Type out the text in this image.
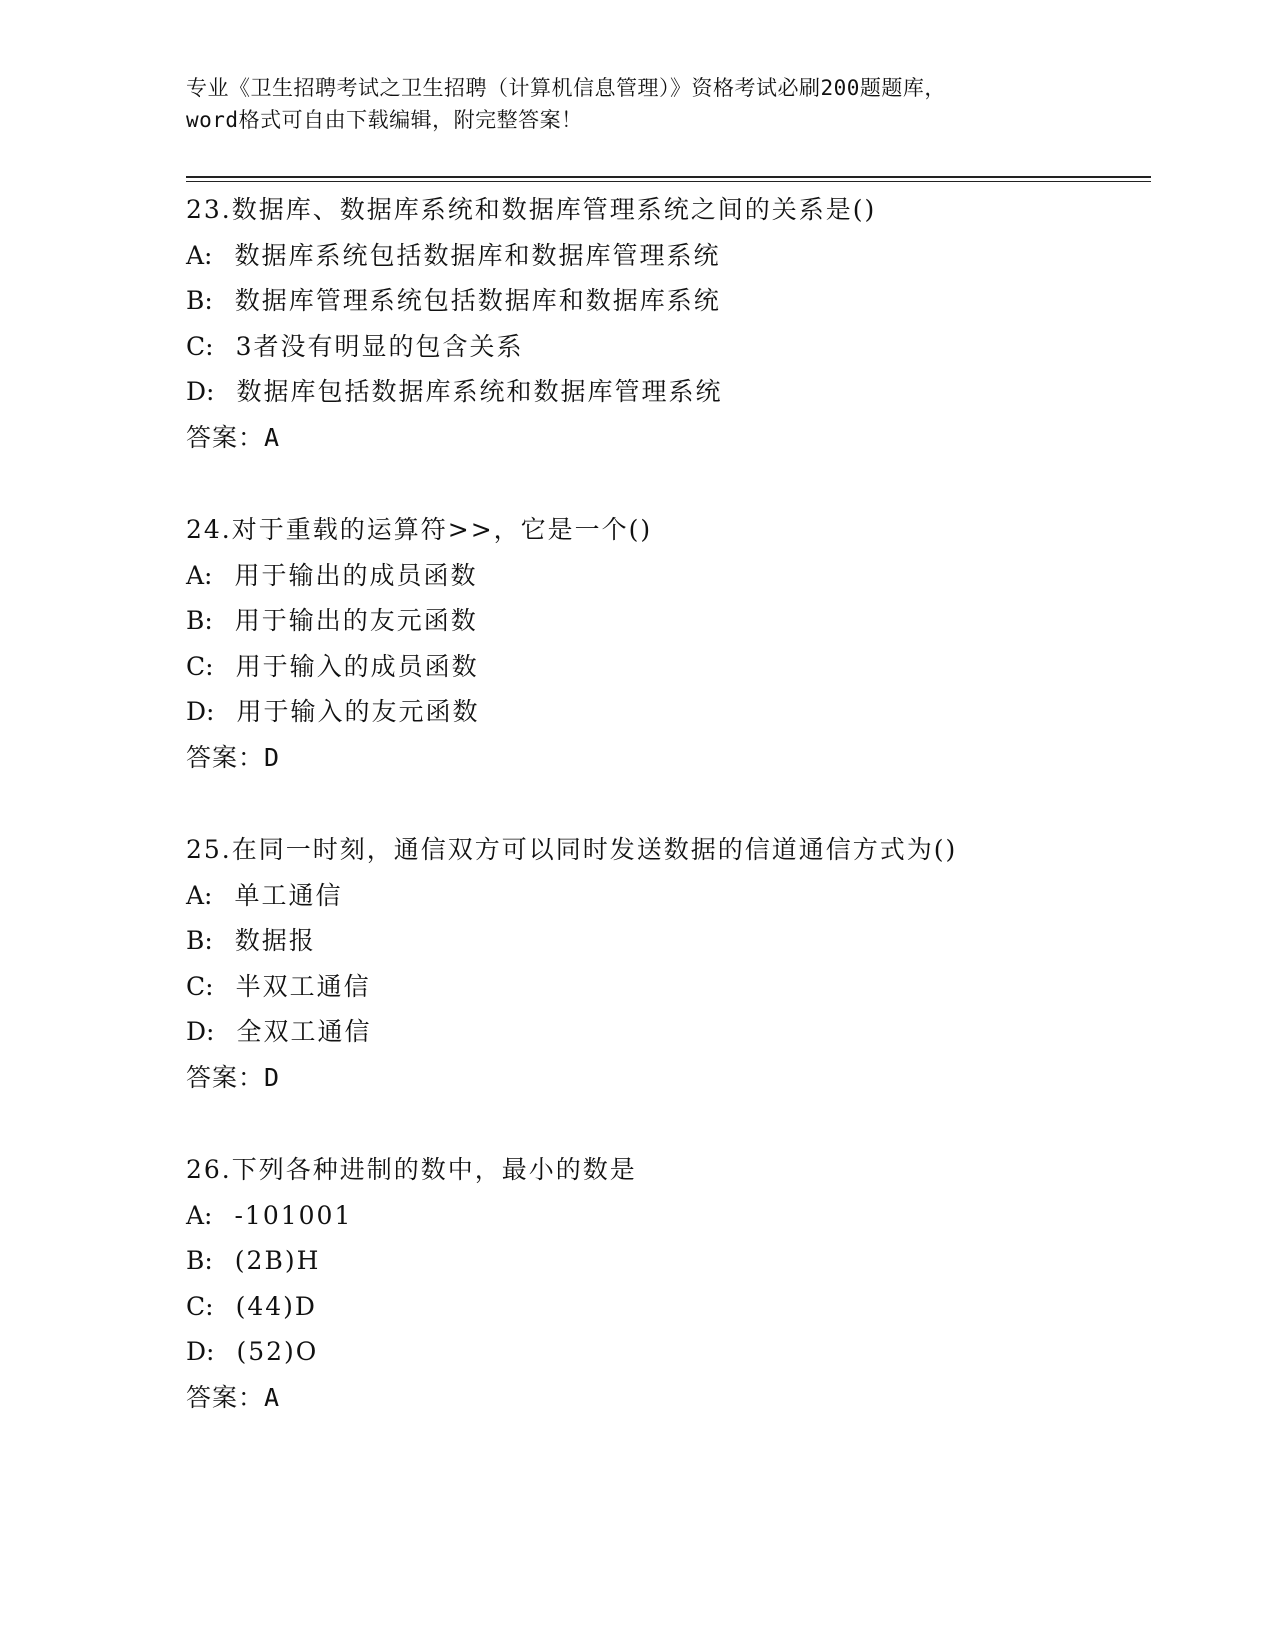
专业《卫生招聘考试之卫生招聘（计算机信息管理）》资格考试必刷200题题库，
word格式可自由下载编辑，附完整答案！
23.数据库、数据库系统和数据库管理系统之间的关系是()
A: 数据库系统包括数据库和数据库管理系统
B: 数据库管理系统包括数据库和数据库系统
C: 3者没有明显的包含关系
D: 数据库包括数据库系统和数据库管理系统
答案：A
24.对于重载的运算符>>，它是一个()
A: 用于输出的成员函数
B: 用于输出的友元函数
C: 用于输入的成员函数
D: 用于输入的友元函数
答案：D
25.在同一时刻，通信双方可以同时发送数据的信道通信方式为()
A: 单工通信
B: 数据报
C: 半双工通信
D: 全双工通信
答案：D
26.下列各种进制的数中，最小的数是
A: -101001
B: (2B)H
C: (44)D
D: (52)O
答案：A
